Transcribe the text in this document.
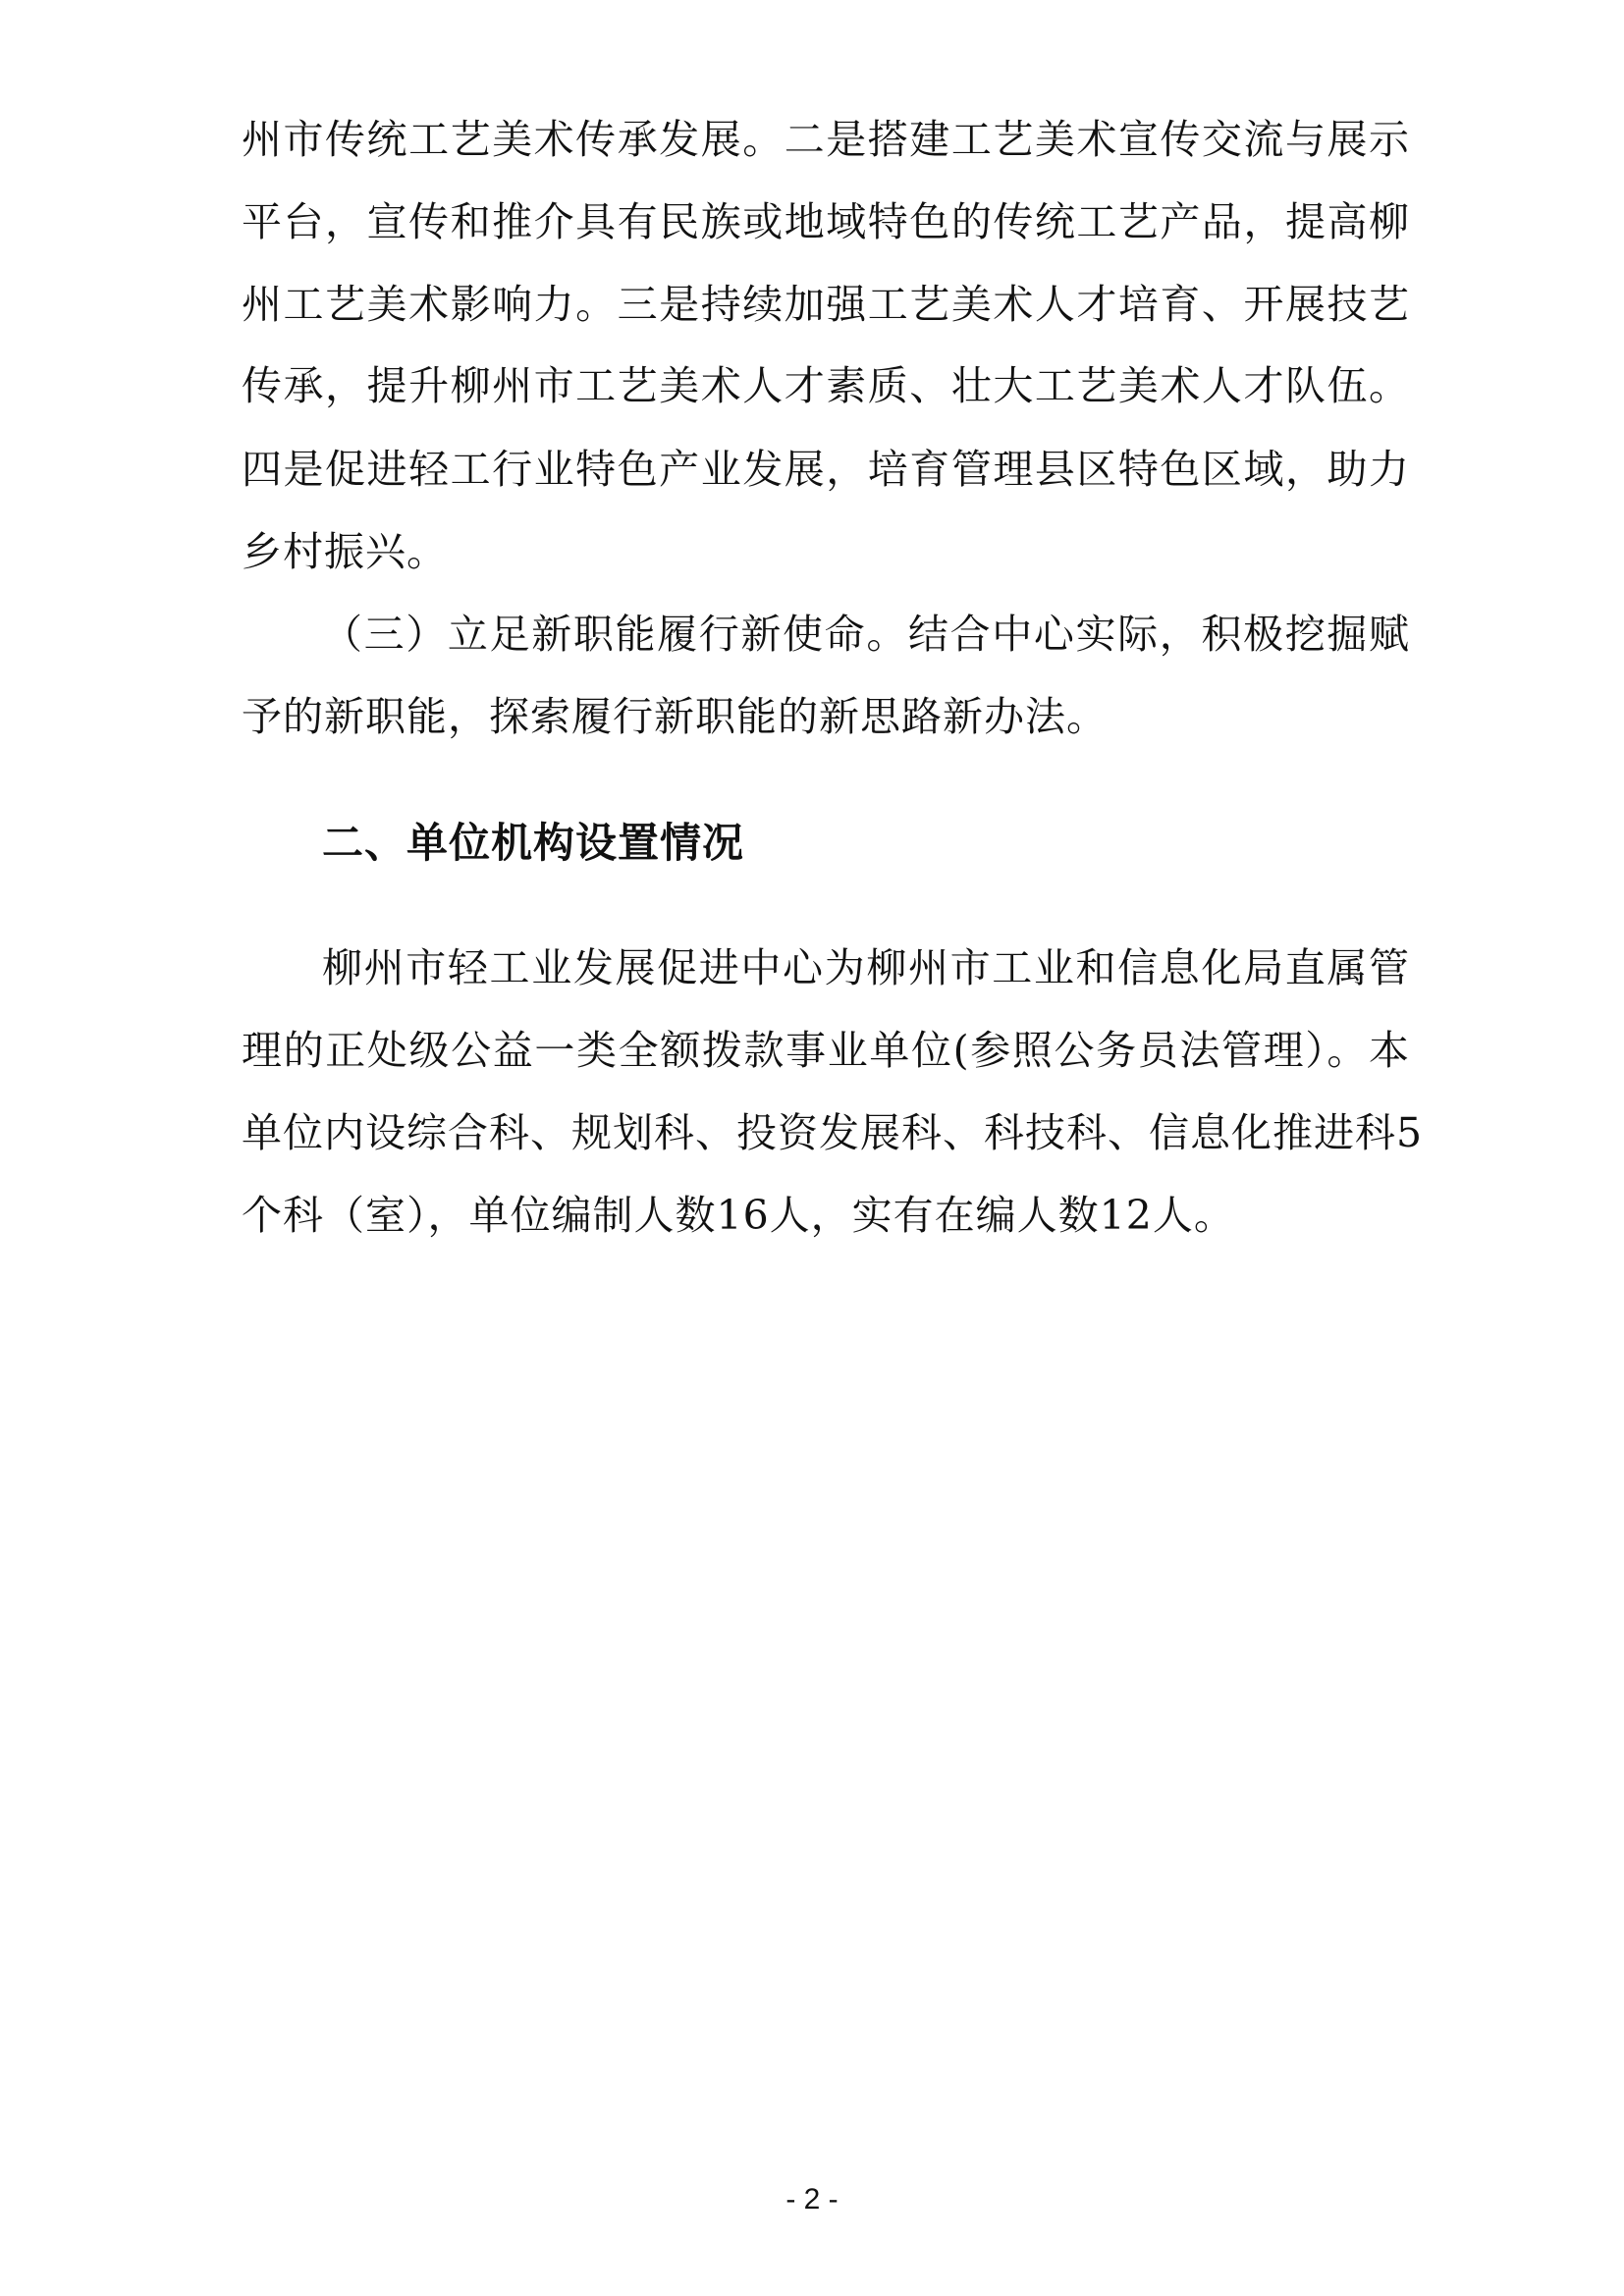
州市传统工艺美术传承发展。二是搭建工艺美术宣传交流与展示
平台，宣传和推介具有民族或地域特色的传统工艺产品，提高柳
州工艺美术影响力。三是持续加强工艺美术人才培育、开展技艺
传承，提升柳州市工艺美术人才素质、壮大工艺美术人才队伍。
四是促进轻工行业特色产业发展，培育管理县区特色区域，助力
乡村振兴。
（三）立足新职能履行新使命。结合中心实际，积极挖掘赋
予的新职能，探索履行新职能的新思路新办法。
二、单位机构设置情况
柳州市轻工业发展促进中心为柳州市工业和信息化局直属管
理的正处级公益一类全额拨款事业单位(参照公务员法管理）。本
单位内设综合科、规划科、投资发展科、科技科、信息化推进科5
个科（室），单位编制人数16人，实有在编人数12人。
- 2 -
